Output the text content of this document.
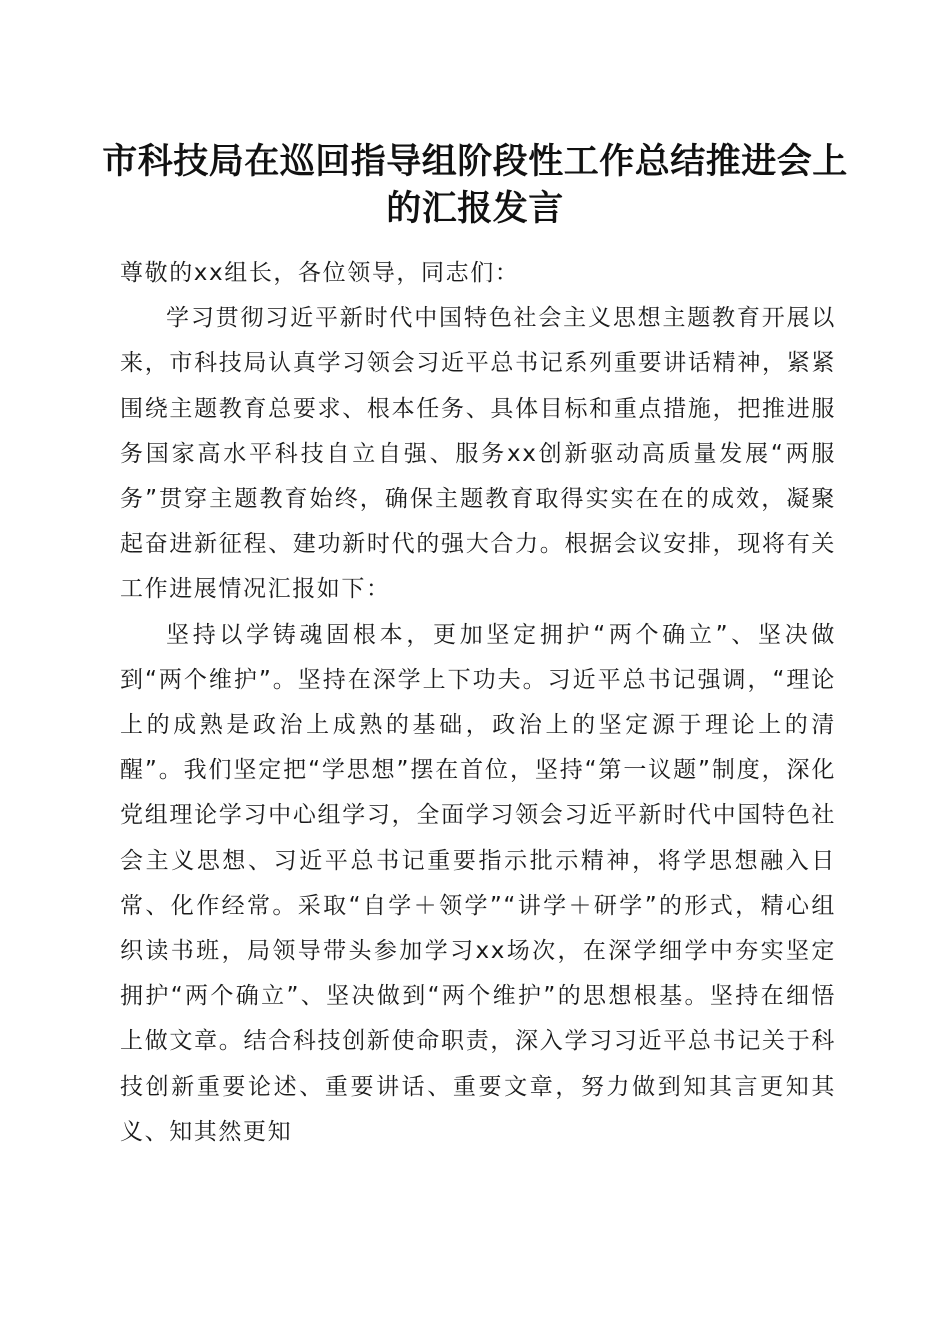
市科技局在巡回指导组阶段性工作总结推进会上的汇报发言

尊敬的xx组长，各位领导，同志们：

学习贯彻习近平新时代中国特色社会主义思想主题教育开展以来，市科技局认真学习领会习近平总书记系列重要讲话精神，紧紧围绕主题教育总要求、根本任务、具体目标和重点措施，把推进服务国家高水平科技自立自强、服务xx创新驱动高质量发展“两服务”贯穿主题教育始终，确保主题教育取得实实在在的成效，凝聚起奋进新征程、建功新时代的强大合力。根据会议安排，现将有关工作进展情况汇报如下：

坚持以学铸魂固根本，更加坚定拥护“两个确立”、坚决做到“两个维护”。坚持在深学上下功夫。习近平总书记强调，“理论上的成熟是政治上成熟的基础，政治上的坚定源于理论上的清醒”。我们坚定把“学思想”摆在首位，坚持“第一议题”制度，深化党组理论学习中心组学习，全面学习领会习近平新时代中国特色社会主义思想、习近平总书记重要指示批示精神，将学思想融入日常、化作经常。采取“自学＋领学”“讲学＋研学”的形式，精心组织读书班，局领导带头参加学习xx场次，在深学细学中夯实坚定拥护“两个确立”、坚决做到“两个维护”的思想根基。坚持在细悟上做文章。结合科技创新使命职责，深入学习习近平总书记关于科技创新重要论述、重要讲话、重要文章，努力做到知其言更知其义、知其然更知
